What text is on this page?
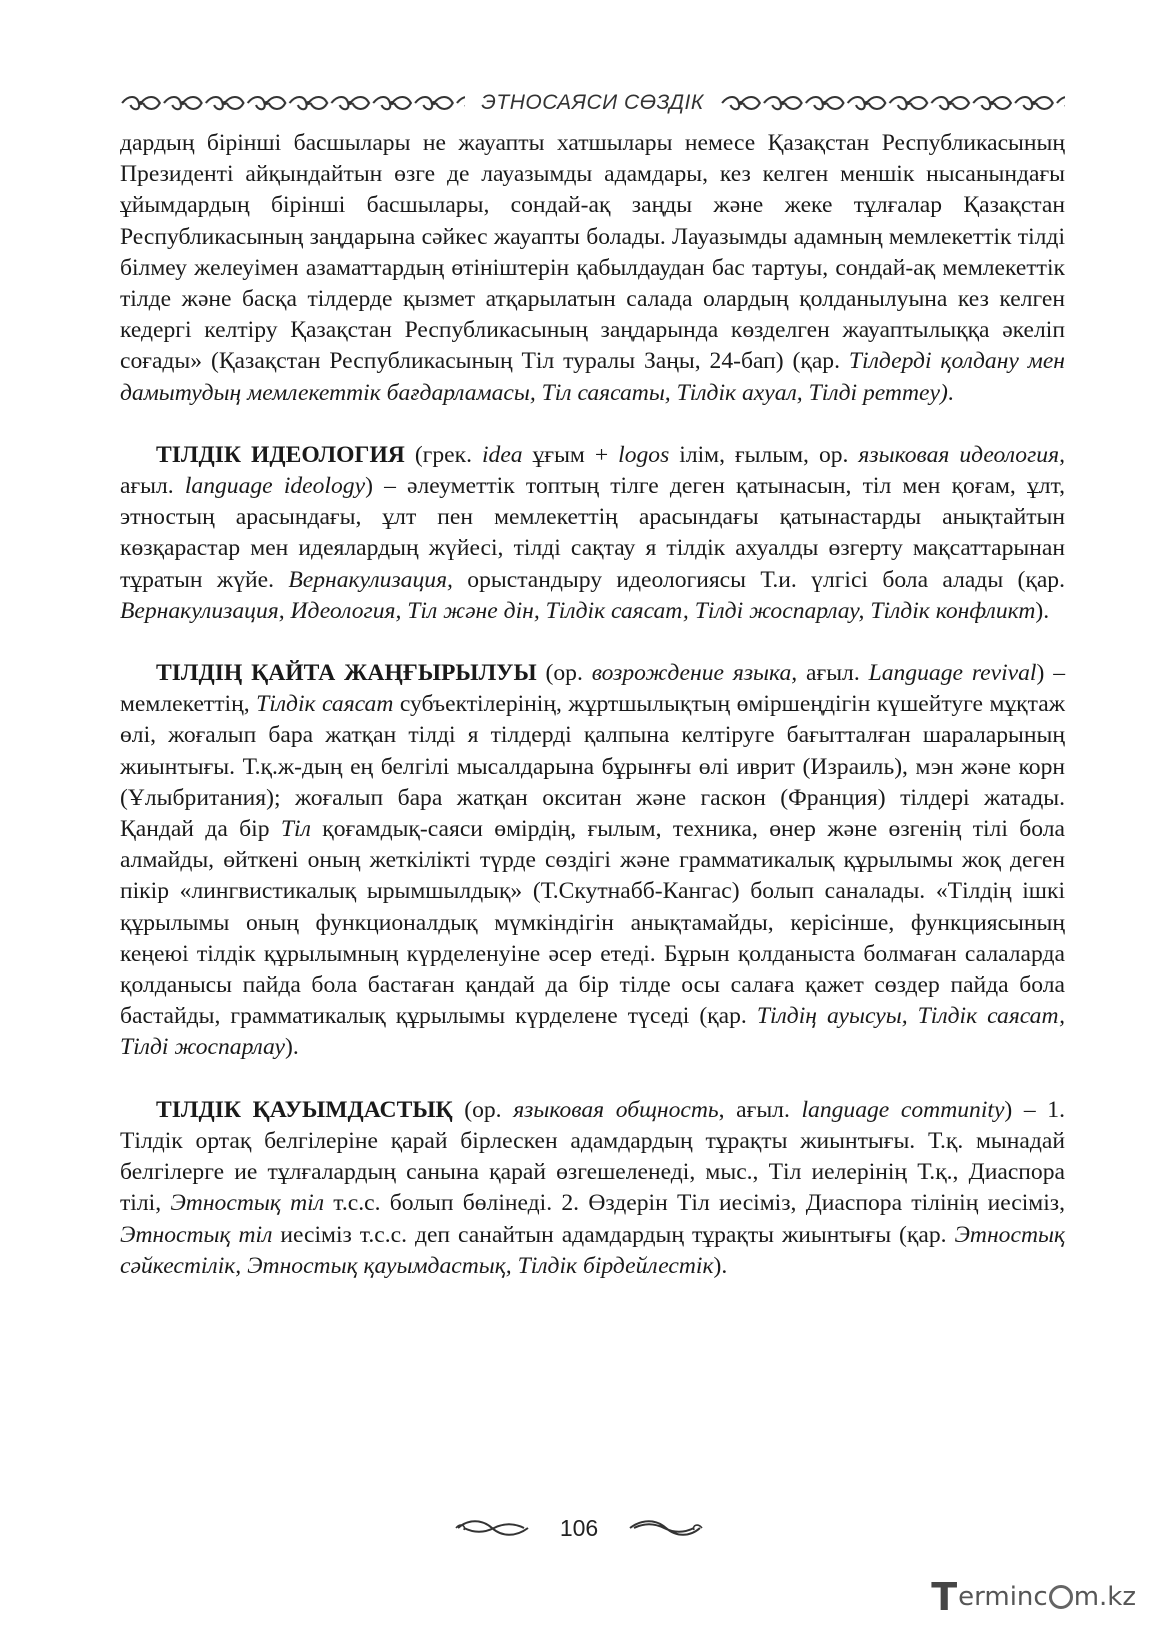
ЭТНОСАЯСИ СӨЗДІК

дардың бірінші басшылары не жауапты хатшылары немесе Қазақстан Республикасының Президенті айқындайтын өзге де лауазымды адамдары, кез келген меншік нысанындағы ұйымдардың бірінші басшылары, сондай-ақ заңды және жеке тұлғалар Қазақстан Республикасының заңдарына сәйкес жауапты болады. Лауазымды адамның мемлекеттік тілді білмеу желеуімен азаматтардың өтініштерін қабылдаудан бас тартуы, сондай-ақ мемлекеттік тілде және басқа тілдерде қызмет атқарылатын салада олардың қолданылуына кез келген кедергі келтіру Қазақстан Республикасының заңдарында көзделген жауаптылыққа әкеліп соғады» (Қазақстан Республикасының Тіл туралы Заңы, 24-бап) (қар. Тілдерді қолдану мен дамытудың мемлекеттік бағдарламасы, Тіл саясаты, Тілдік ахуал, Тілді реттеу).

ТІЛДІК ИДЕОЛОГИЯ (грек. idea ұғым + logos ілім, ғылым, ор. языковая идеология, ағыл. language ideology) – әлеуметтік топтың тілге деген қатынасын, тіл мен қоғам, ұлт, этностың арасындағы, ұлт пен мемлекеттің арасындағы қатынастарды анықтайтын көзқарастар мен идеялардың жүйесі, тілді сақтау я тілдік ахуалды өзгерту мақсаттарынан тұратын жүйе. Вернакулизация, орыстандыру идеологиясы Т.и. үлгісі бола алады (қар. Вернакулизация, Идеология, Тіл және дін, Тілдік саясат, Тілді жоспарлау, Тілдік конфликт).

ТІЛДІҢ ҚАЙТА ЖАҢҒЫРЫЛУЫ (ор. возрождение языка, ағыл. Language revival) – мемлекеттің, Тілдік саясат субъектілерінің, жұртшылықтың өміршеңдігін күшейтуге мұқтаж өлі, жоғалып бара жатқан тілді я тілдерді қалпына келтіруге бағытталған шараларының жиынтығы. Т.қ.ж-дың ең белгілі мысалдарына бұрынғы өлі иврит (Израиль), мэн және корн (Ұлыбритания); жоғалып бара жатқан окситан және гаскон (Франция) тілдері жатады. Қандай да бір Тіл қоғамдық-саяси өмірдің, ғылым, техника, өнер және өзгенің тілі бола алмайды, өйткені оның жеткілікті түрде сөздігі және грамматикалық құрылымы жоқ деген пікір «лингвистикалық ырымшылдық» (Т.Скутнабб-Кангас) болып саналады. «Тілдің ішкі құрылымы оның функционалдық мүмкіндігін анықтамайды, керісінше, функциясының кеңеюі тілдік құрылымның күрделенуіне әсер етеді. Бұрын қолданыста болмаған салаларда қолданысы пайда бола бастаған қандай да бір тілде осы салаға қажет сөздер пайда бола бастайды, грамматикалық құрылымы күрделене түседі (қар. Тілдің ауысуы, Тілдік саясат, Тілді жоспарлау).

ТІЛДІК ҚАУЫМДАСТЫҚ (ор. языковая общность, ағыл. language community) – 1. Тілдік ортақ белгілеріне қарай бірлескен адамдардың тұрақты жиынтығы. Т.қ. мынадай белгілерге ие тұлғалардың санына қарай өзгешеленеді, мыс., Тіл иелерінің Т.қ., Диаспора тілі, Этностық тіл т.с.с. болып бөлінеді. 2. Өздерін Тіл иесіміз, Диаспора тілінің иесіміз, Этностық тіл иесіміз т.с.с. деп санайтын адамдардың тұрақты жиынтығы (қар. Этностық сәйкестілік, Этностық қауымдастық, Тілдік бірдейлестік).

106
T ermin c m.kz
